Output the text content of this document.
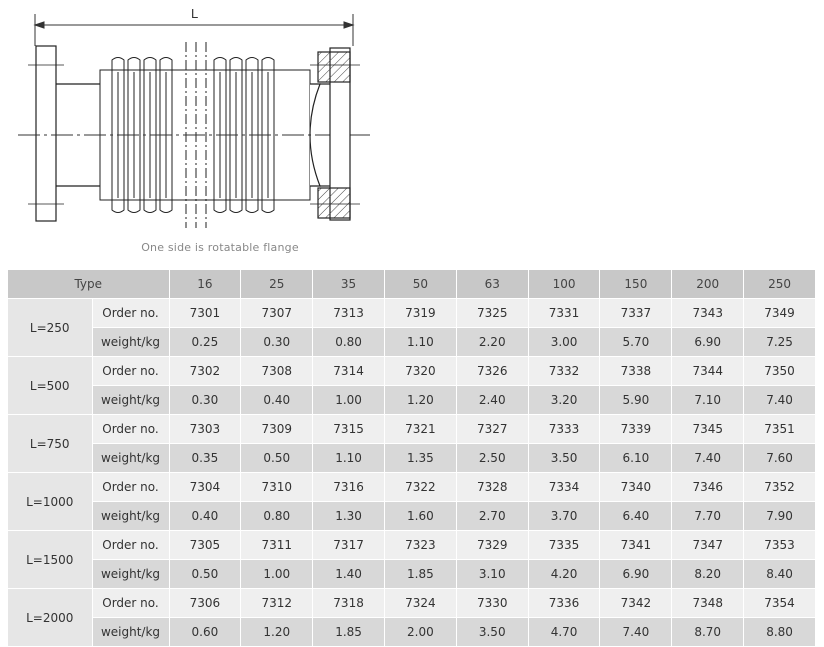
L
One side is rotatable flange
Type		16	25	35	50	63	100	150	200	250
L=250	Order no.	7301	7307	7313	7319	7325	7331	7337	7343	7349
	weight/kg	0.25	0.30	0.80	1.10	2.20	3.00	5.70	6.90	7.25
L=500	Order no.	7302	7308	7314	7320	7326	7332	7338	7344	7350
	weight/kg	0.30	0.40	1.00	1.20	2.40	3.20	5.90	7.10	7.40
L=750	Order no.	7303	7309	7315	7321	7327	7333	7339	7345	7351
	weight/kg	0.35	0.50	1.10	1.35	2.50	3.50	6.10	7.40	7.60
L=1000	Order no.	7304	7310	7316	7322	7328	7334	7340	7346	7352
	weight/kg	0.40	0.80	1.30	1.60	2.70	3.70	6.40	7.70	7.90
L=1500	Order no.	7305	7311	7317	7323	7329	7335	7341	7347	7353
	weight/kg	0.50	1.00	1.40	1.85	3.10	4.20	6.90	8.20	8.40
L=2000	Order no.	7306	7312	7318	7324	7330	7336	7342	7348	7354
	weight/kg	0.60	1.20	1.85	2.00	3.50	4.70	7.40	8.70	8.80
